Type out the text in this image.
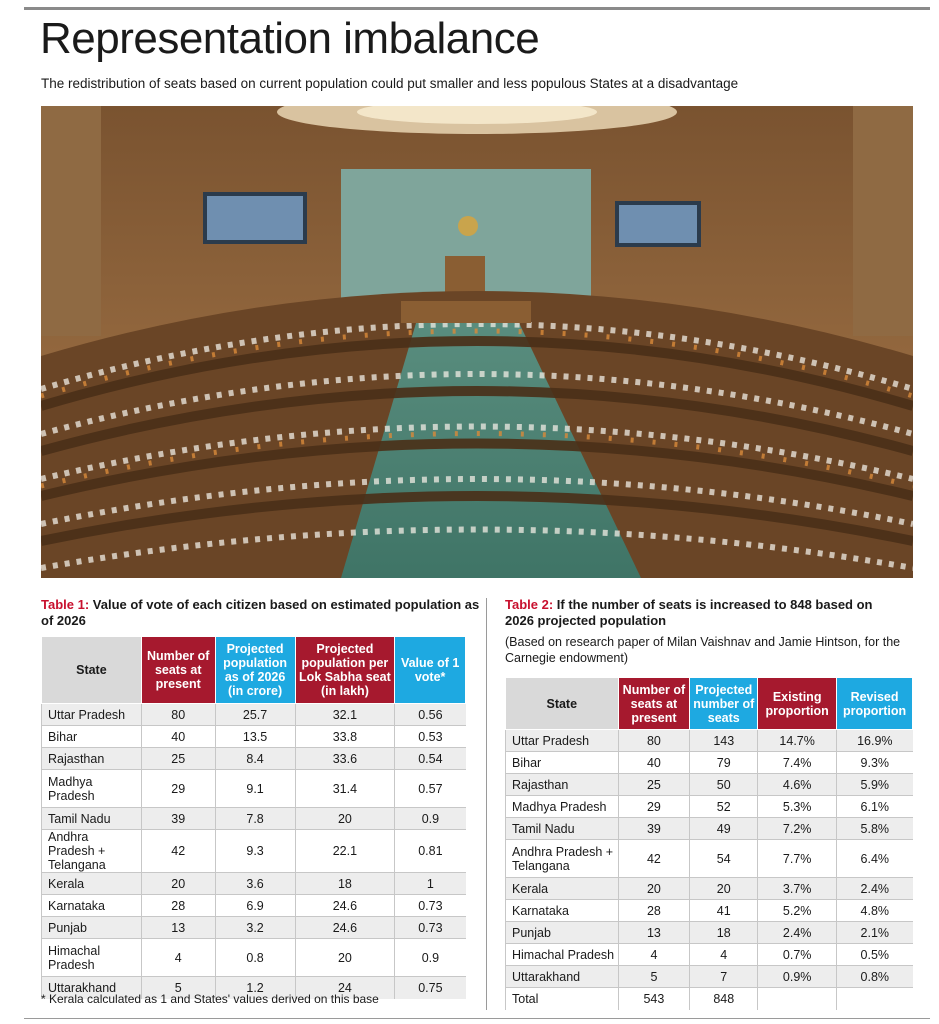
Representation imbalance
The redistribution of seats based on current population could put smaller and less populous States at a disadvantage
Table 1: Value of vote of each citizen based on estimated population as of 2026
State	Number of seats at present	Projected population as of 2026 (in crore)	Projected population per Lok Sabha seat (in lakh)	Value of 1 vote*
Uttar Pradesh	80	25.7	32.1	0.56
Bihar	40	13.5	33.8	0.53
Rajasthan	25	8.4	33.6	0.54
Madhya Pradesh	29	9.1	31.4	0.57
Tamil Nadu	39	7.8	20	0.9
Andhra Pradesh + Telangana	42	9.3	22.1	0.81
Kerala	20	3.6	18	1
Karnataka	28	6.9	24.6	0.73
Punjab	13	3.2	24.6	0.73
Himachal Pradesh	4	0.8	20	0.9
Uttarakhand	5	1.2	24	0.75
* Kerala calculated as 1 and States' values derived on this base
Table 2: If the number of seats is increased to 848 based on 2026 projected population
(Based on research paper of Milan Vaishnav and Jamie Hintson, for the Carnegie endowment)
State	Number of seats at present	Projected number of seats	Existing proportion	Revised proportion
Uttar Pradesh	80	143	14.7%	16.9%
Bihar	40	79	7.4%	9.3%
Rajasthan	25	50	4.6%	5.9%
Madhya Pradesh	29	52	5.3%	6.1%
Tamil Nadu	39	49	7.2%	5.8%
Andhra Pradesh + Telangana	42	54	7.7%	6.4%
Kerala	20	20	3.7%	2.4%
Karnataka	28	41	5.2%	4.8%
Punjab	13	18	2.4%	2.1%
Himachal Pradesh	4	4	0.7%	0.5%
Uttarakhand	5	7	0.9%	0.8%
Total	543	848		
